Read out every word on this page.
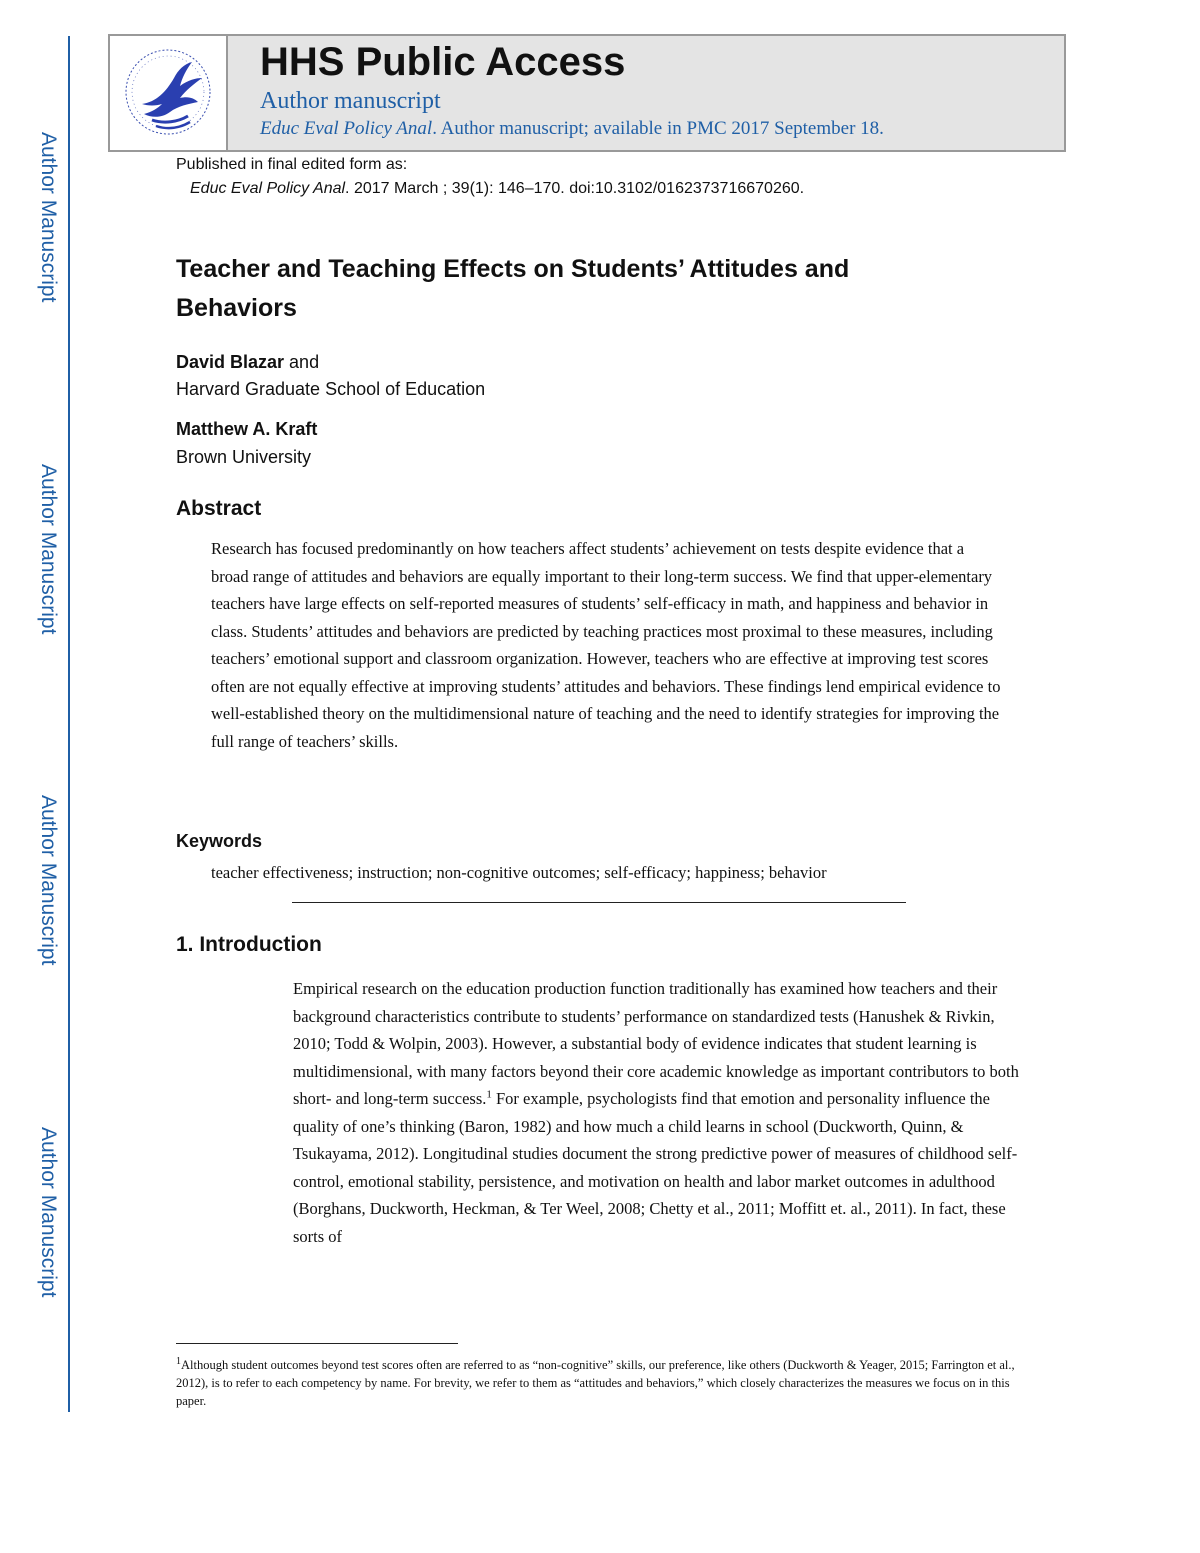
Author Manuscript
Author Manuscript
Author Manuscript
Author Manuscript
HHS Public Access
Author manuscript
Educ Eval Policy Anal. Author manuscript; available in PMC 2017 September 18.
Published in final edited form as:
Educ Eval Policy Anal. 2017 March ; 39(1): 146–170. doi:10.3102/0162373716670260.
Teacher and Teaching Effects on Students’ Attitudes and Behaviors
David Blazar and
Harvard Graduate School of Education
Matthew A. Kraft
Brown University
Abstract
Research has focused predominantly on how teachers affect students’ achievement on tests despite evidence that a broad range of attitudes and behaviors are equally important to their long-term success. We find that upper-elementary teachers have large effects on self-reported measures of students’ self-efficacy in math, and happiness and behavior in class. Students’ attitudes and behaviors are predicted by teaching practices most proximal to these measures, including teachers’ emotional support and classroom organization. However, teachers who are effective at improving test scores often are not equally effective at improving students’ attitudes and behaviors. These findings lend empirical evidence to well-established theory on the multidimensional nature of teaching and the need to identify strategies for improving the full range of teachers’ skills.
Keywords
teacher effectiveness; instruction; non-cognitive outcomes; self-efficacy; happiness; behavior
1. Introduction
Empirical research on the education production function traditionally has examined how teachers and their background characteristics contribute to students’ performance on standardized tests (Hanushek & Rivkin, 2010; Todd & Wolpin, 2003). However, a substantial body of evidence indicates that student learning is multidimensional, with many factors beyond their core academic knowledge as important contributors to both short- and long-term success.$^1$ For example, psychologists find that emotion and personality influence the quality of one’s thinking (Baron, 1982) and how much a child learns in school (Duckworth, Quinn, & Tsukayama, 2012). Longitudinal studies document the strong predictive power of measures of childhood self-control, emotional stability, persistence, and motivation on health and labor market outcomes in adulthood (Borghans, Duckworth, Heckman, & Ter Weel, 2008; Chetty et al., 2011; Moffitt et. al., 2011). In fact, these sorts of
$^1$Although student outcomes beyond test scores often are referred to as “non-cognitive” skills, our preference, like others (Duckworth & Yeager, 2015; Farrington et al., 2012), is to refer to each competency by name. For brevity, we refer to them as “attitudes and behaviors,” which closely characterizes the measures we focus on in this paper.
